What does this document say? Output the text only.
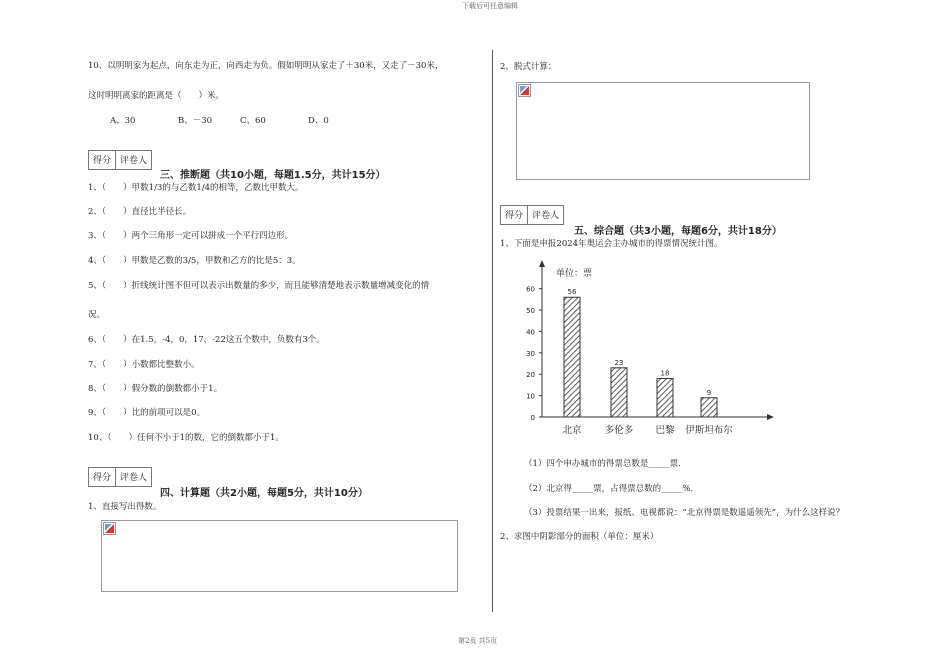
下载后可任意编辑
10、以明明家为起点，向东走为正，向西走为负。假如明明从家走了＋30米，又走了－30米，
这时明明离家的距离是（　　）米。
A、30	B、－30	C、60	D、0
得分	评卷人
三、推断题（共10小题，每题1.5分，共计15分）
1、（　　）甲数1/3的与乙数1/4的相等，乙数比甲数大。
2、（　　）直径比半径长。
3、（　　）两个三角形一定可以拼成一个平行四边形。
4、（　　）甲数是乙数的3/5，甲数和乙方的比是5：3。
5、（　　）折线统计图不但可以表示出数量的多少，而且能够清楚地表示数量增减变化的情
况。
6、（　　）在1.5，-4，0，17，-22这五个数中，负数有3个。
7、（　　）小数都比整数小。
8、（　　）假分数的倒数都小于1。
9、（　　）比的前项可以是0。
10、（　　）任何不小于1的数，它的倒数都小于1。
得分	评卷人
四、计算题（共2小题，每题5分，共计10分）
1、直接写出得数。
2、脱式计算：
得分	评卷人
五、综合题（共3小题，每题6分，共计18分）
1、下面是申报2024年奥运会主办城市的得票情况统计图。
单位：票
0
10
20
30
40
50
60	56
北京
23
多伦多
18
巴黎
9
伊斯坦布尔
（1）四个申办城市的得票总数是_____票.
（2）北京得_____票，占得票总数的_____%.
（3）投票结果一出来，报纸、电视都说：“北京得票是数遥遥领先”，为什么这样说？
2、求图中阴影部分的面积（单位：厘米）
第2页 共5页
